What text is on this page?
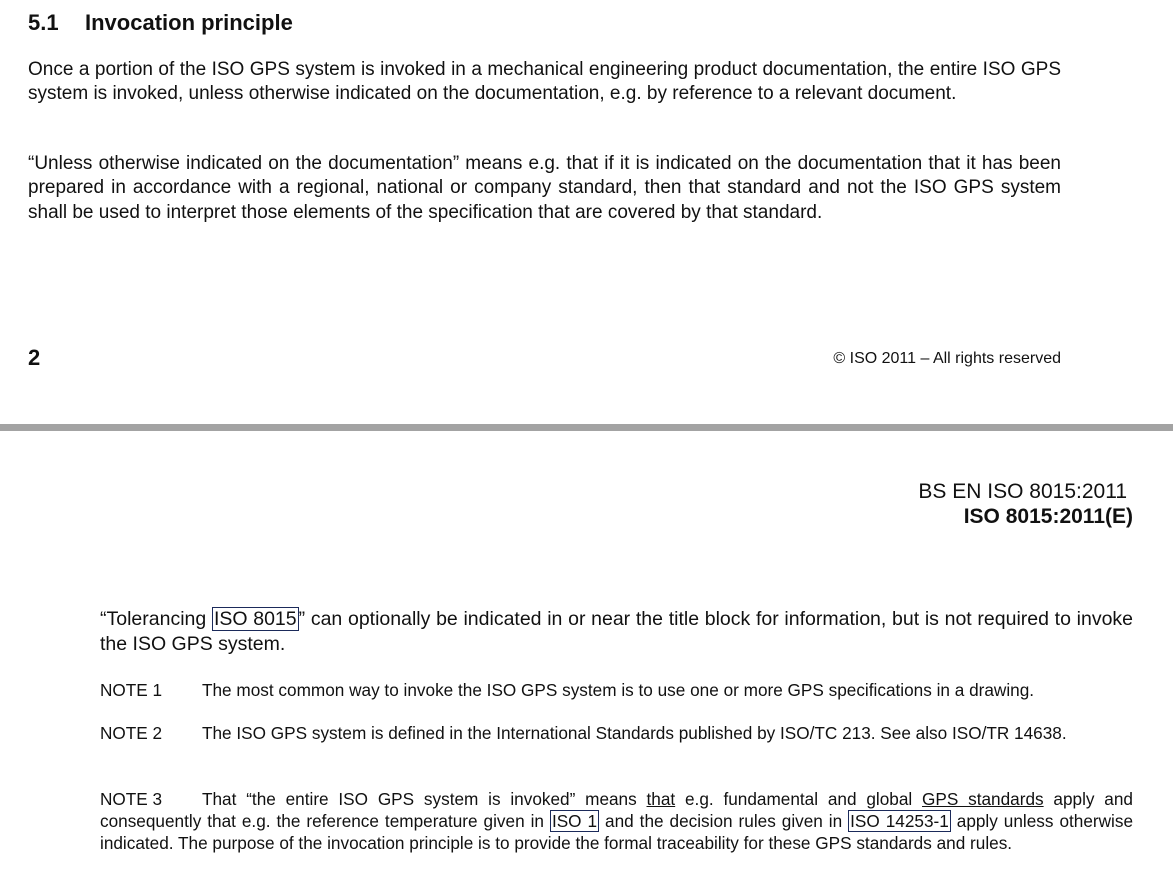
5.1 Invocation principle

Once a portion of the ISO GPS system is invoked in a mechanical engineering product documentation, the entire ISO GPS system is invoked, unless otherwise indicated on the documentation, e.g. by reference to a relevant document.

“Unless otherwise indicated on the documentation” means e.g. that if it is indicated on the documentation that it has been prepared in accordance with a regional, national or company standard, then that standard and not the ISO GPS system shall be used to interpret those elements of the specification that are covered by that standard.

2	© ISO 2011 – All rights reserved
BS EN ISO 8015:2011
ISO 8015:2011(E)

“Tolerancing ISO 8015 ” can optionally be indicated in or near the title block for information, but is not required to invoke the ISO GPS system.

NOTE 1 The most common way to invoke the ISO GPS system is to use one or more GPS specifications in a drawing.

NOTE 2 The ISO GPS system is defined in the International Standards published by ISO/TC 213. See also ISO/TR 14638.

NOTE 3 That “the entire ISO GPS system is invoked” means that e.g. fundamental and global GPS standards apply and consequently that e.g. the reference temperature given in ISO 1 and the decision rules given in ISO 14253-1 apply unless otherwise indicated. The purpose of the invocation principle is to provide the formal traceability for these GPS standards and rules.
